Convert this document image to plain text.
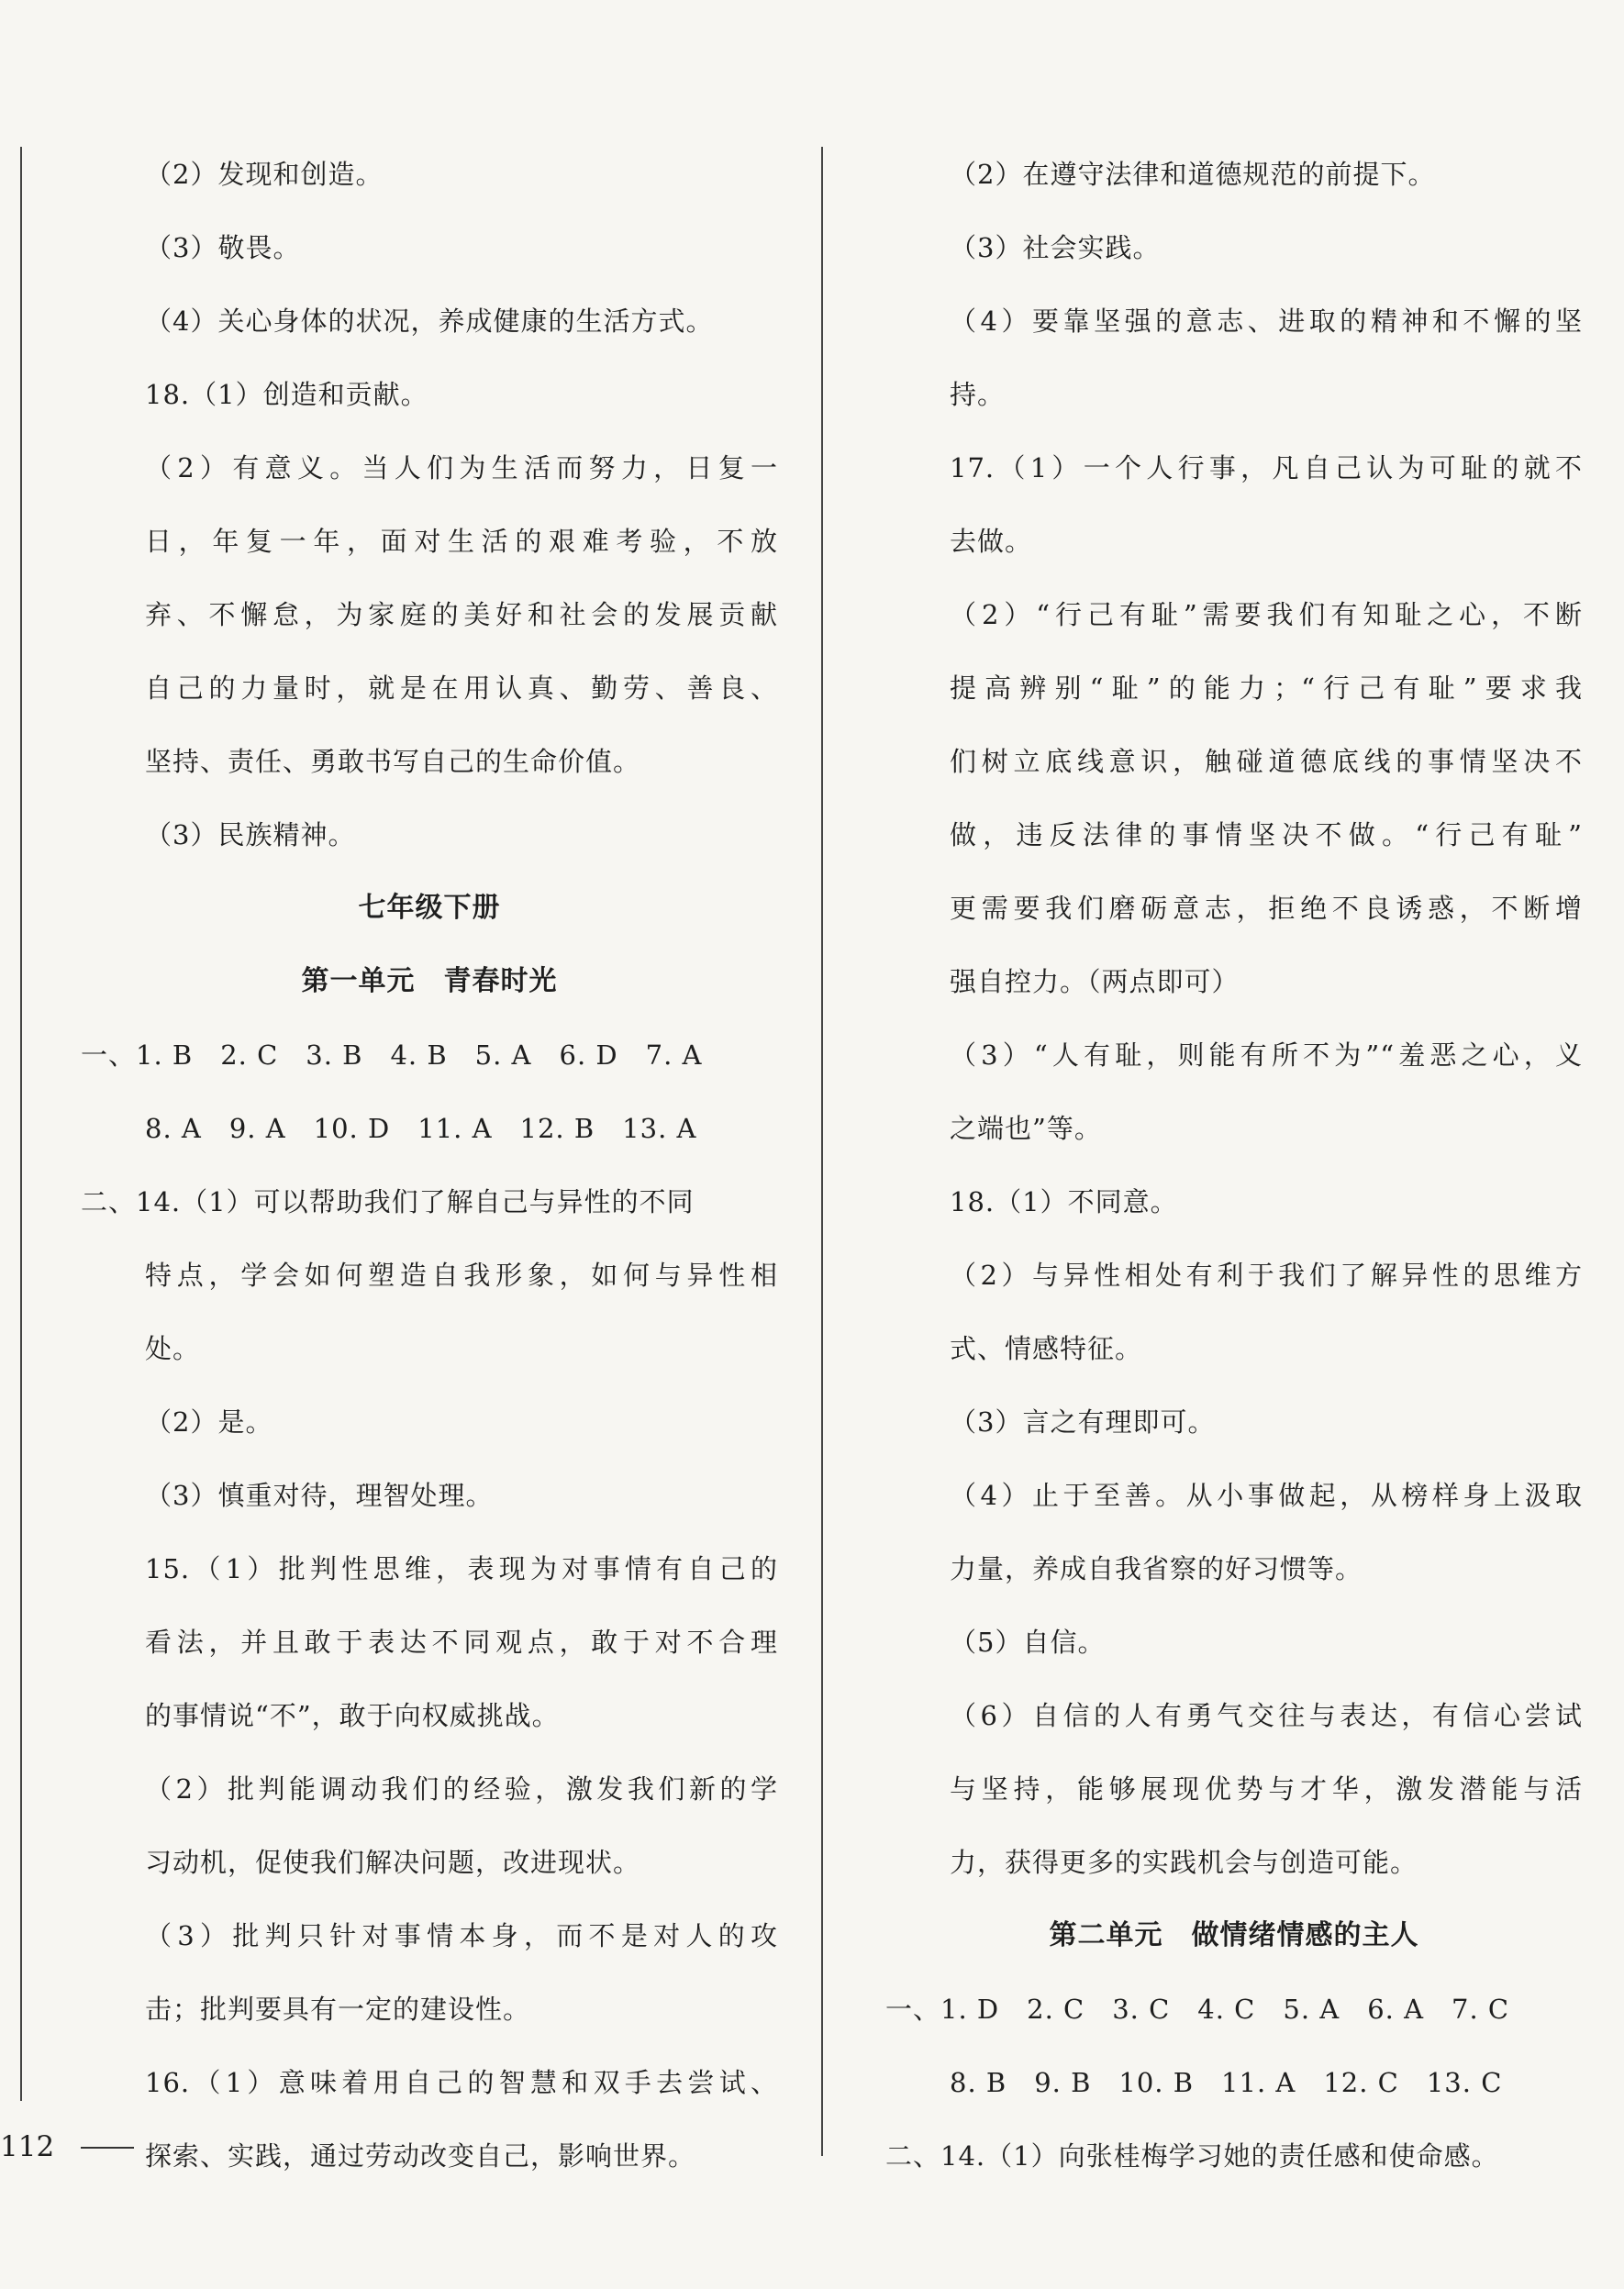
（2）发现和创造。
（3）敬畏。
（4）关心身体的状况，养成健康的生活方式。
18.（1）创造和贡献。
（2）有意义。当人们为生活而努力，日复一
日，年复一年，面对生活的艰难考验，不放
弃、不懈怠，为家庭的美好和社会的发展贡献
自己的力量时，就是在用认真、勤劳、善良、
坚持、责任、勇敢书写自己的生命价值。
（3）民族精神。
七年级下册
第一单元　青春时光
一、1. B　2. C　3. B　4. B　5. A　6. D　7. A
8. A　9. A　10. D　11. A　12. B　13. A
二、14.（1）可以帮助我们了解自己与异性的不同
特点，学会如何塑造自我形象，如何与异性相
处。
（2）是。
（3）慎重对待，理智处理。
15.（1）批判性思维，表现为对事情有自己的
看法，并且敢于表达不同观点，敢于对不合理
的事情说“不”，敢于向权威挑战。
（2）批判能调动我们的经验，激发我们新的学
习动机，促使我们解决问题，改进现状。
（3）批判只针对事情本身，而不是对人的攻
击；批判要具有一定的建设性。
16.（1）意味着用自己的智慧和双手去尝试、
探索、实践，通过劳动改变自己，影响世界。
（2）在遵守法律和道德规范的前提下。
（3）社会实践。
（4）要靠坚强的意志、进取的精神和不懈的坚
持。
17.（1）一个人行事，凡自己认为可耻的就不
去做。
（2）“行己有耻”需要我们有知耻之心，不断
提高辨别“耻”的能力；“行己有耻”要求我
们树立底线意识，触碰道德底线的事情坚决不
做，违反法律的事情坚决不做。“行己有耻”
更需要我们磨砺意志，拒绝不良诱惑，不断增
强自控力。（两点即可）
（3）“人有耻，则能有所不为”“羞恶之心，义
之端也”等。
18.（1）不同意。
（2）与异性相处有利于我们了解异性的思维方
式、情感特征。
（3）言之有理即可。
（4）止于至善。从小事做起，从榜样身上汲取
力量，养成自我省察的好习惯等。
（5）自信。
（6）自信的人有勇气交往与表达，有信心尝试
与坚持，能够展现优势与才华，激发潜能与活
力，获得更多的实践机会与创造可能。
第二单元　做情绪情感的主人
一、1. D　2. C　3. C　4. C　5. A　6. A　7. C
8. B　9. B　10. B　11. A　12. C　13. C
二、14.（1）向张桂梅学习她的责任感和使命感。
112
